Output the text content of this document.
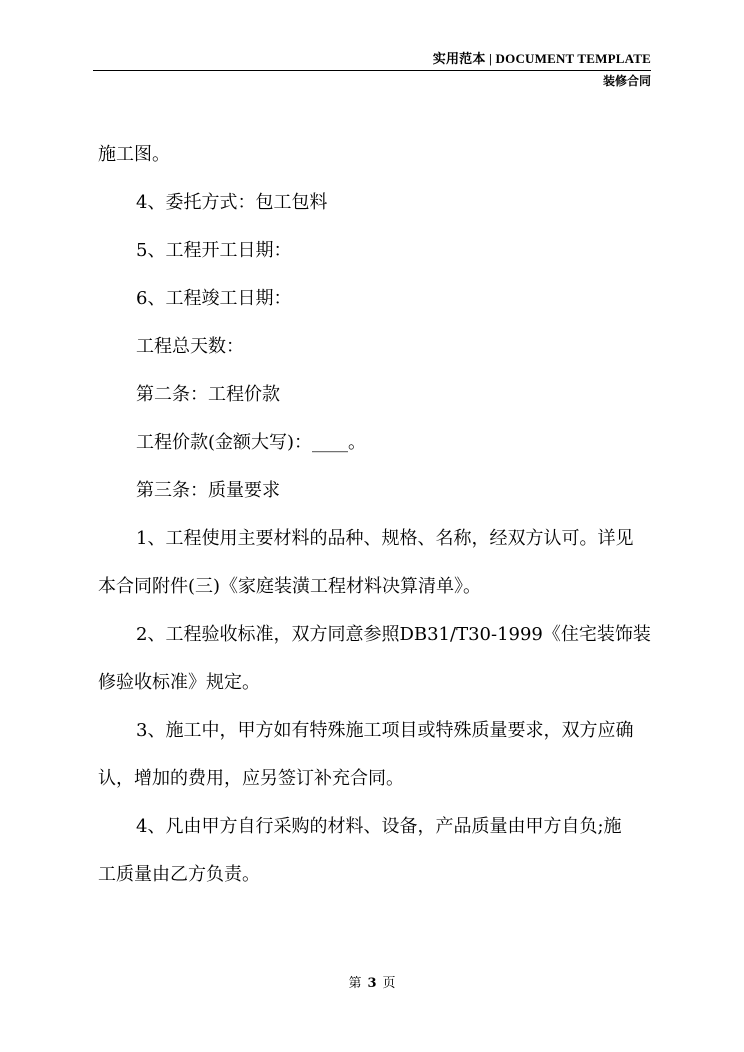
实用范本 | DOCUMENT TEMPLATE
装修合同
施工图。
4、委托方式：包工包料
5、工程开工日期：
6、工程竣工日期：
工程总天数：
第二条：工程价款
工程价款(金额大写)：____。
第三条：质量要求
1、工程使用主要材料的品种、规格、名称，经双方认可。详见
本合同附件(三)《家庭装潢工程材料决算清单》。
2、工程验收标准，双方同意参照DB31/T30-1999《住宅装饰装
修验收标准》规定。
3、施工中，甲方如有特殊施工项目或特殊质量要求，双方应确
认，增加的费用，应另签订补充合同。
4、凡由甲方自行采购的材料、设备，产品质量由甲方自负;施
工质量由乙方负责。
第 3 页
